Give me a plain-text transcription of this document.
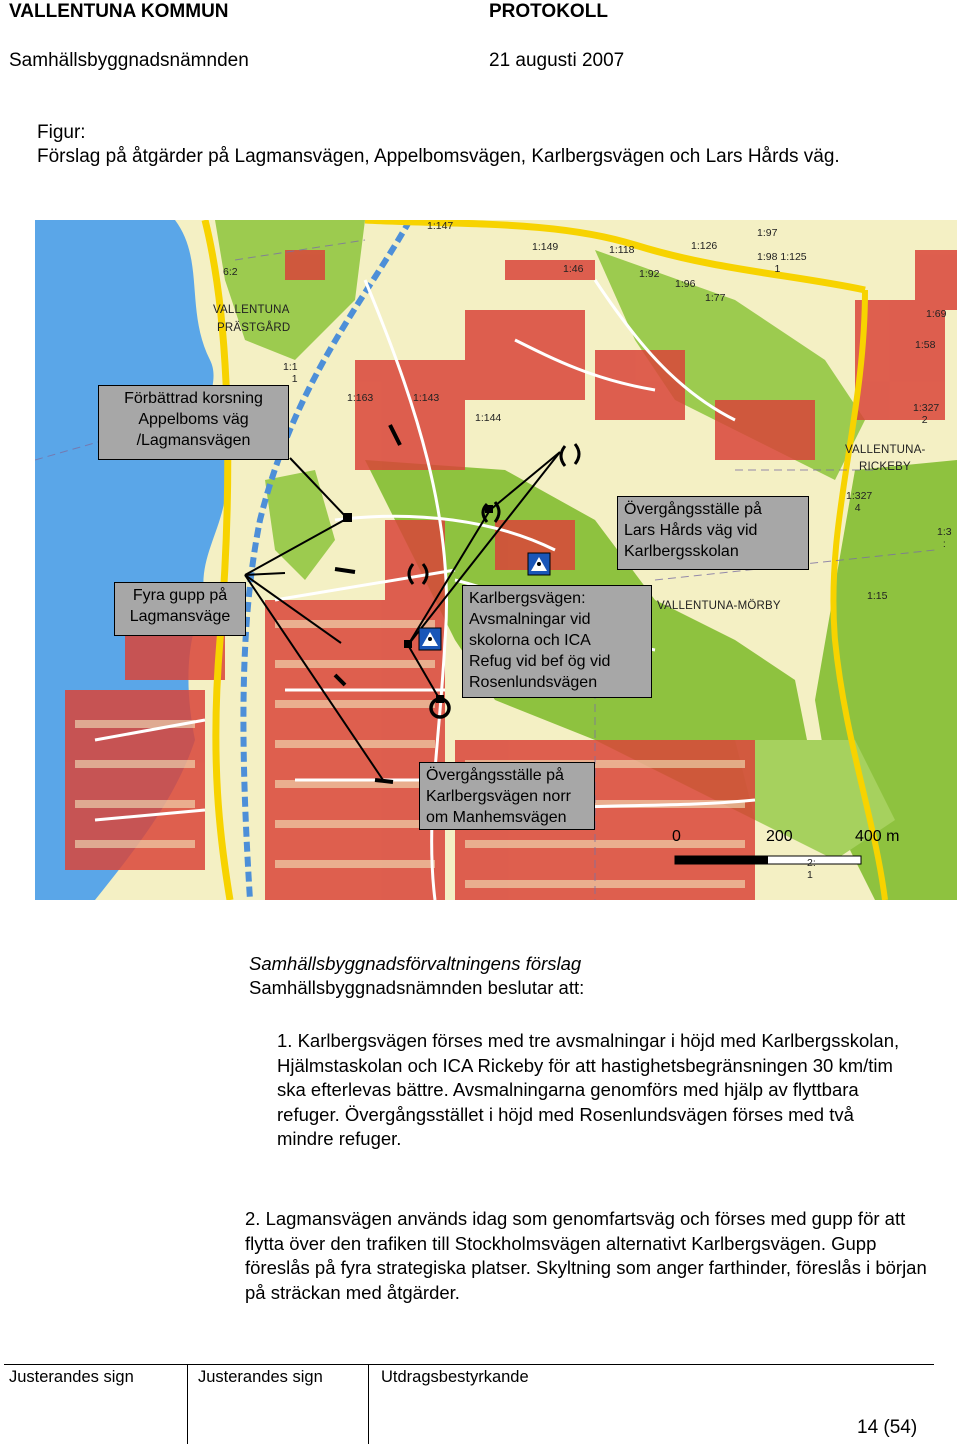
VALLENTUNA KOMMUN	PROTOKOLL
Samhällsbyggnadsnämnden	21 augusti 2007
Figur:
Förslag på åtgärder på Lagmansvägen, Appelbomsvägen, Karlbergsvägen och Lars Hårds väg.
Förbättrad korsning
Appelboms väg
/Lagmansvägen
Fyra gupp på
Lagmansväge
Övergångsställe på
Lars Hårds väg vid
Karlbergsskolan
Karlbergsvägen:
Avsmalningar vid
skolorna och ICA
Refug vid bef ög vid
Rosenlundsvägen
Övergångsställe på
Karlbergsvägen norr
om Manhemsvägen
VALLENTUNA
PRÄSTGÅRD
VALLENTUNA-
RICKEBY
VALLENTUNA-MÖRBY
1:147
6:2
1:149
1:46
1:118
1:92
1:126
1:96
1:97
1:98 1:125
1
1:77
1:69
1:58
1:1
1
1:163	1:143
1:144
1:327
2
1:327
4
1:3
:
1:15
2:
1
0	200	400 m
Samhällsbyggnadsförvaltningens förslag
Samhällsbyggnadsnämnden beslutar att:
1. Karlbergsvägen förses med tre avsmalningar i höjd med Karlbergsskolan, Hjälmstaskolan och ICA Rickeby för att hastighetsbegränsningen 30 km/tim ska efterlevas bättre. Avsmalningarna genomförs med hjälp av flyttbara refuger. Övergångsstället i höjd med Rosenlundsvägen förses med två mindre refuger.
2. Lagmansvägen används idag som genomfartsväg och förses med gupp för att flytta över den trafiken till Stockholmsvägen alternativt Karlbergsvägen. Gupp föreslås på fyra strategiska platser. Skyltning som anger farthinder, föreslås i början på sträckan med åtgärder.
Justerandes sign	Justerandes sign	Utdragsbestyrkande
14 (54)
